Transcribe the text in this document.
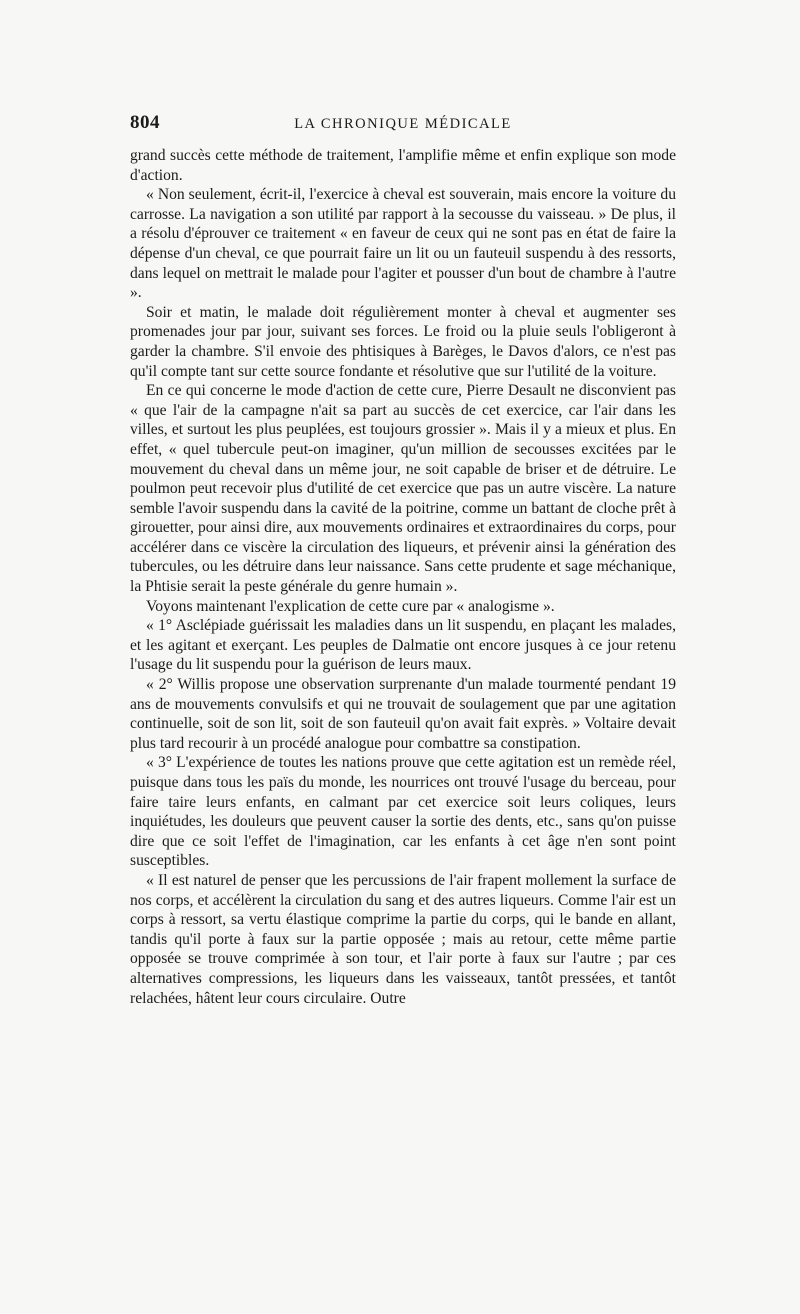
804	LA CHRONIQUE MÉDICALE

grand succès cette méthode de traitement, l'amplifie même et enfin explique son mode d'action.

« Non seulement, écrit-il, l'exercice à cheval est souverain, mais encore la voiture du carrosse. La navigation a son utilité par rapport à la secousse du vaisseau. » De plus, il a résolu d'éprouver ce traitement « en faveur de ceux qui ne sont pas en état de faire la dépense d'un cheval, ce que pourrait faire un lit ou un fauteuil suspendu à des ressorts, dans lequel on mettrait le malade pour l'agiter et pousser d'un bout de chambre à l'autre ».

Soir et matin, le malade doit régulièrement monter à cheval et augmenter ses promenades jour par jour, suivant ses forces. Le froid ou la pluie seuls l'obligeront à garder la chambre. S'il envoie des phtisiques à Barèges, le Davos d'alors, ce n'est pas qu'il compte tant sur cette source fondante et résolutive que sur l'utilité de la voiture.

En ce qui concerne le mode d'action de cette cure, Pierre Desault ne disconvient pas « que l'air de la campagne n'ait sa part au succès de cet exercice, car l'air dans les villes, et surtout les plus peuplées, est toujours grossier ». Mais il y a mieux et plus. En effet, « quel tubercule peut-on imaginer, qu'un million de secousses excitées par le mouvement du cheval dans un même jour, ne soit capable de briser et de détruire. Le poulmon peut recevoir plus d'utilité de cet exercice que pas un autre viscère. La nature semble l'avoir suspendu dans la cavité de la poitrine, comme un battant de cloche prêt à girouetter, pour ainsi dire, aux mouvements ordinaires et extraordinaires du corps, pour accélérer dans ce viscère la circulation des liqueurs, et prévenir ainsi la génération des tubercules, ou les détruire dans leur naissance. Sans cette prudente et sage méchanique, la Phtisie serait la peste générale du genre humain ».

Voyons maintenant l'explication de cette cure par « analogisme ».

« 1° Asclépiade guérissait les maladies dans un lit suspendu, en plaçant les malades, et les agitant et exerçant. Les peuples de Dalmatie ont encore jusques à ce jour retenu l'usage du lit suspendu pour la guérison de leurs maux.

« 2° Willis propose une observation surprenante d'un malade tourmenté pendant 19 ans de mouvements convulsifs et qui ne trouvait de soulagement que par une agitation continuelle, soit de son lit, soit de son fauteuil qu'on avait fait exprès. » Voltaire devait plus tard recourir à un procédé analogue pour combattre sa constipation.

« 3° L'expérience de toutes les nations prouve que cette agitation est un remède réel, puisque dans tous les païs du monde, les nourrices ont trouvé l'usage du berceau, pour faire taire leurs enfants, en calmant par cet exercice soit leurs coliques, leurs inquiétudes, les douleurs que peuvent causer la sortie des dents, etc., sans qu'on puisse dire que ce soit l'effet de l'imagination, car les enfants à cet âge n'en sont point susceptibles.

« Il est naturel de penser que les percussions de l'air frapent mollement la surface de nos corps, et accélèrent la circulation du sang et des autres liqueurs. Comme l'air est un corps à ressort, sa vertu élastique comprime la partie du corps, qui le bande en allant, tandis qu'il porte à faux sur la partie opposée ; mais au retour, cette même partie opposée se trouve comprimée à son tour, et l'air porte à faux sur l'autre ; par ces alternatives compressions, les liqueurs dans les vaisseaux, tantôt pressées, et tantôt relachées, hâtent leur cours circulaire. Outre
